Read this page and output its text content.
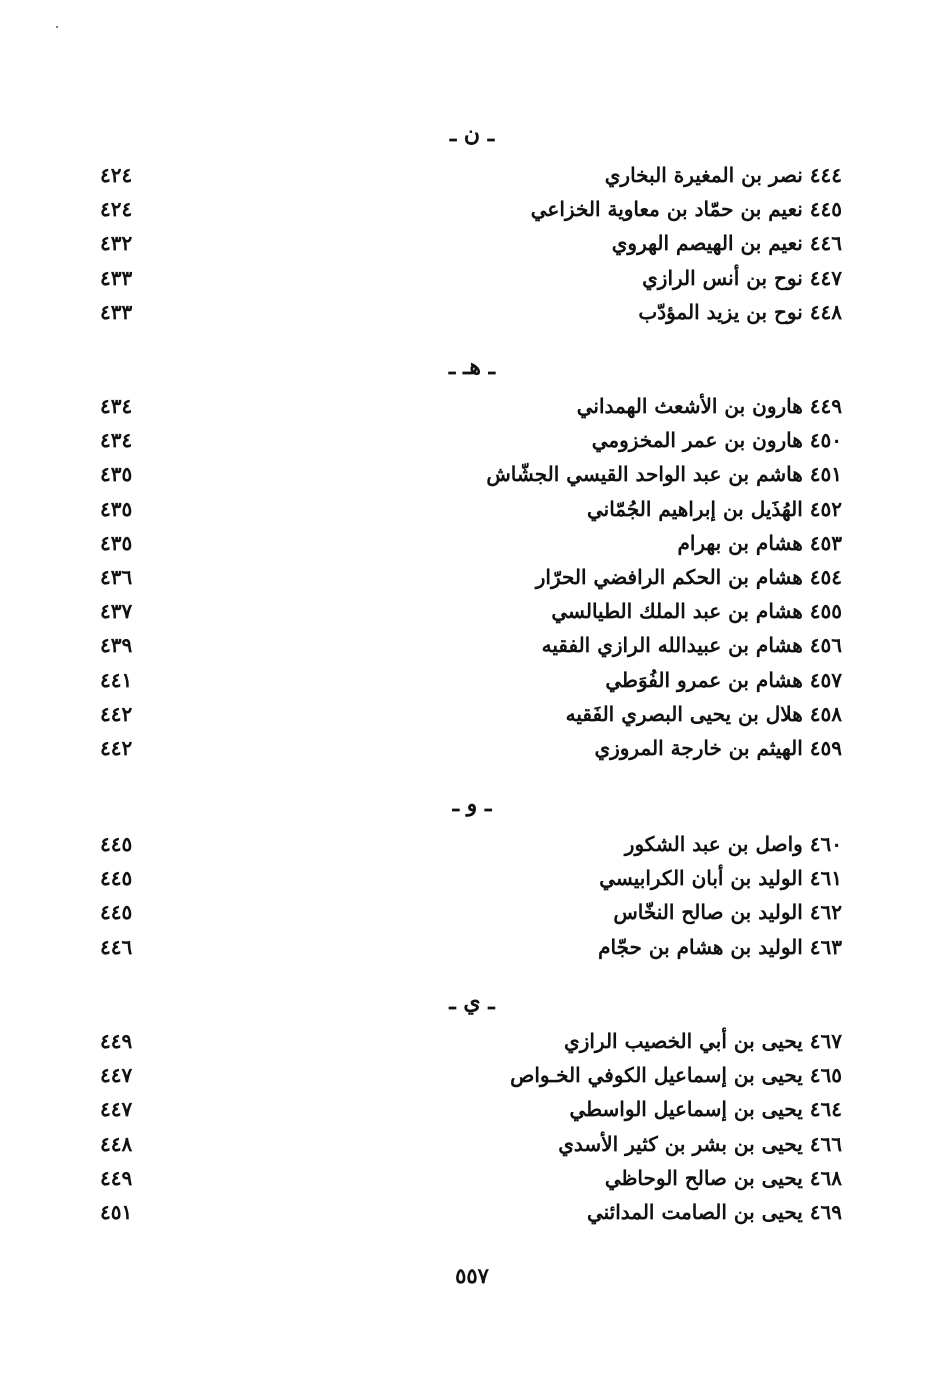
ـ ن ـ
٤٤٤ نصر بن المغيرة البخاري
٤٢٤
٤٤٥ نعيم بن حمّاد بن معاوية الخزاعي
٤٢٤
٤٤٦ نعيم بن الهيصم الهروي
٤٣٢
٤٤٧ نوح بن أنس الرازي
٤٣٣
٤٤٨ نوح بن يزيد المؤدّب
٤٣٣
ـ هـ ـ
٤٤٩ هارون بن الأشعث الهمداني
٤٣٤
٤٥٠ هارون بن عمر المخزومي
٤٣٤
٤٥١ هاشم بن عبد الواحد القيسي الجشّاش
٤٣٥
٤٥٢ الهُذَيل بن إبراهيم الجُمّاني
٤٣٥
٤٥٣ هشام بن بهرام
٤٣٥
٤٥٤ هشام بن الحكم الرافضي الحرّار
٤٣٦
٤٥٥ هشام بن عبد الملك الطيالسي
٤٣٧
٤٥٦ هشام بن عبيدالله الرازي الفقيه
٤٣٩
٤٥٧ هشام بن عمرو الفُوَطي
٤٤١
٤٥٨ هلال بن يحيى البصري الفَقيه
٤٤٢
٤٥٩ الهيثم بن خارجة المروزي
٤٤٢
ـ و ـ
٤٦٠ واصل بن عبد الشكور
٤٤٥
٤٦١ الوليد بن أبان الكرابيسي
٤٤٥
٤٦٢ الوليد بن صالح النخّاس
٤٤٥
٤٦٣ الوليد بن هشام بن حجّام
٤٤٦
ـ ي ـ
٤٦٧ يحيى بن أبي الخصيب الرازي
٤٤٩
٤٦٥ يحيى بن إسماعيل الكوفي الخـواص
٤٤٧
٤٦٤ يحيى بن إسماعيل الواسطي
٤٤٧
٤٦٦ يحيى بن بشر بن كثير الأسدي
٤٤٨
٤٦٨ يحيى بن صالح الوحاظي
٤٤٩
٤٦٩ يحيى بن الصامت المدائني
٤٥١
٥٥٧
